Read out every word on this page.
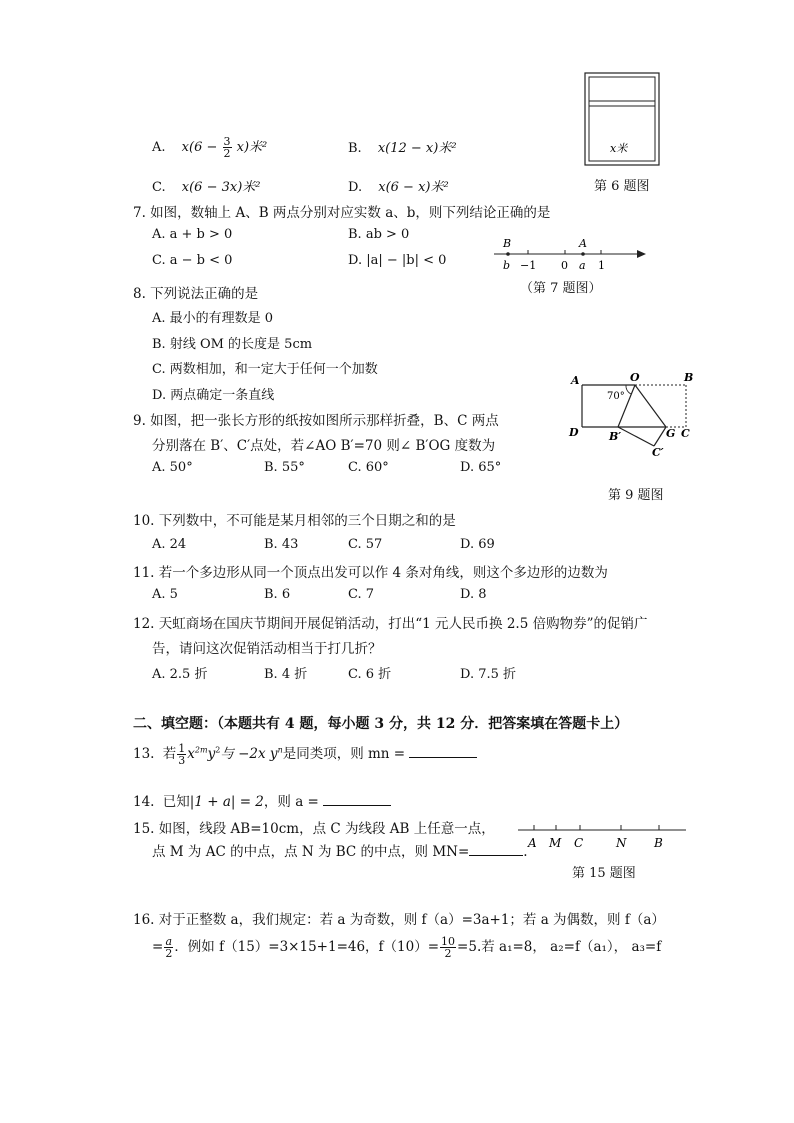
A. $x(6 - \frac{3}{2} x)$米²	B. x(12 − x)米²
C. x(6 − 3x)米²	D. x(6 − x)米²
x米
第 6 题图
7. 如图，数轴上 A、B 两点分别对应实数 a、b，则下列结论正确的是
A. a + b > 0	B. ab > 0
C. a − b < 0	D. |a| − |b| < 0
B	A
b −1 0 a 1
（第 7 题图）
8. 下列说法正确的是
A. 最小的有理数是 0
B. 射线 OM 的长度是 5cm
C. 两数相加，和一定大于任何一个加数
D. 两点确定一条直线
9. 如图，把一张长方形的纸按如图所示那样折叠，B、C 两点
分别落在 B′、C′点处，若∠AO B′=70 则∠ B′OG 度数为
A. 50°	B. 55°	C. 60°	D. 65°
A	O	B
D	B′	G C
C′
70°
第 9 题图
10. 下列数中，不可能是某月相邻的三个日期之和的是
A. 24	B. 43	C. 57	D. 69
11. 若一个多边形从同一个顶点出发可以作 4 条对角线，则这个多边形的边数为
A. 5	B. 6	C. 7	D. 8
12. 天虹商场在国庆节期间开展促销活动，打出“1 元人民币换 2.5 倍购物券”的促销广
告，请问这次促销活动相当于打几折？
A. 2.5 折	B. 4 折	C. 6 折	D. 7.5 折
二、填空题：（本题共有 4 题，每小题 3 分，共 12 分．把答案填在答题卡上）
13. 若 $\frac{1}{3} x^{2m}y^2$与 −2x $y^n$是同类项，则 mn =
14. 已知|1 + a| = 2，则 a =
15. 如图，线段 AB=10cm，点 C 为线段 AB 上任意一点，
点 M 为 AC 的中点，点 N 为 BC 的中点，则 MN=	.
A M C	N B
第 15 题图
16. 对于正整数 a，我们规定：若 a 为奇数，则 f（a）=3a+1；若 a 为偶数，则 f（a）
= $\frac{a}{2}$ ．例如 f（15）=3×15+1=46，$f(10)= \frac{10}{2} =5$.若 a₁=8， a₂=f（a₁）， a₃=f
